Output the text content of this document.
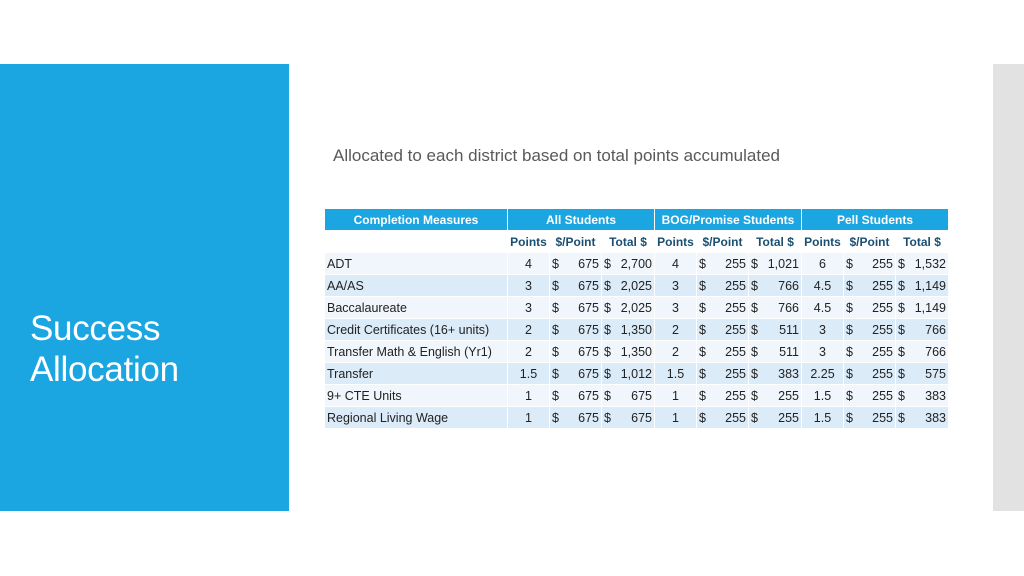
Success
Allocation
Allocated to each district based on total points accumulated
Completion Measures	All Students			BOG/Promise Students			Pell Students		
	Points	$/Point	Total $	Points	$/Point	Total $	Points	$/Point	Total $
ADT	4	$ 675	$ 2,700	4	$ 255	$ 1,021	6	$ 255	$ 1,532

AA/AS	3	$ 675	$ 2,025	3	$ 255	$ 766	4.5	$ 255	$ 1,149

Baccalaureate	3	$ 675	$ 2,025	3	$ 255	$ 766	4.5	$ 255	$ 1,149

Credit Certificates (16+ units)	2	$ 675	$ 1,350	2	$ 255	$ 511	3	$ 255	$ 766

Transfer Math & English (Yr1)	2	$ 675	$ 1,350	2	$ 255	$ 511	3	$ 255	$ 766

Transfer	1.5	$ 675	$ 1,012	1.5	$ 255	$ 383	2.25	$ 255	$ 575

9+ CTE Units	1	$ 675	$ 675	1	$ 255	$ 255	1.5	$ 255	$ 383

Regional Living Wage	1	$ 675	$ 675	1	$ 255	$ 255	1.5	$ 255	$ 383
